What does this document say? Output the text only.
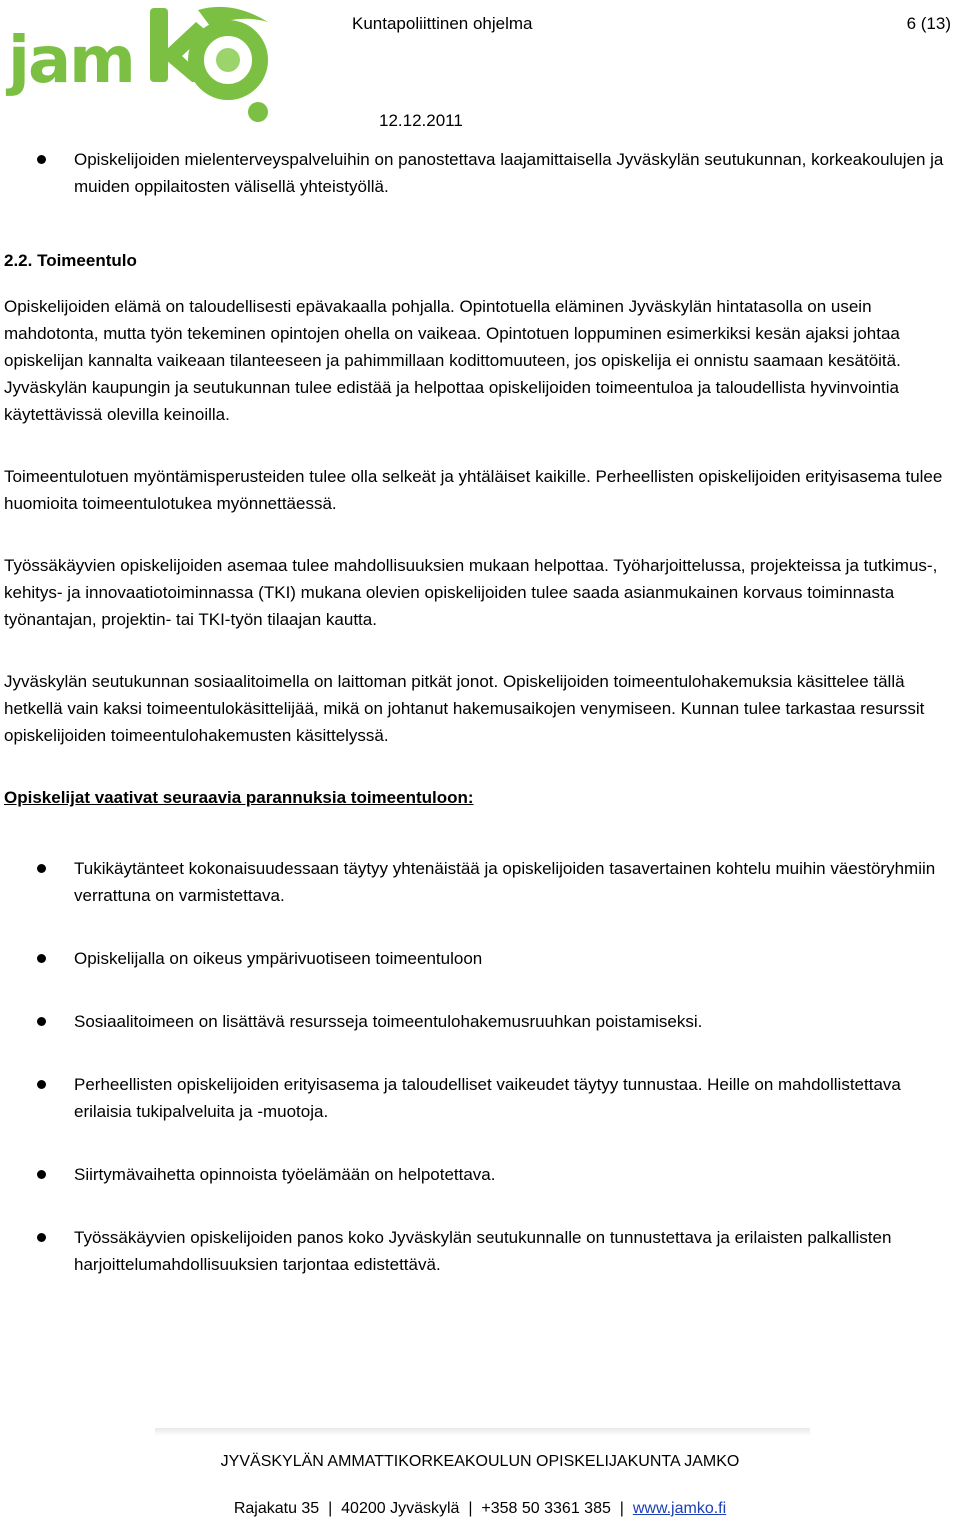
jam
Kuntapoliittinen ohjelma	6 (13)
12.12.2011
Opiskelijoiden mielenterveyspalveluihin on panostettava laajamittaisella Jyväskylän seutukunnan, korkeakoulujen ja muiden oppilaitosten välisellä yhteistyöllä.

2.2. Toimeentulo

Opiskelijoiden elämä on taloudellisesti epävakaalla pohjalla. Opintotuella eläminen Jyväskylän hintatasolla on usein mahdotonta, mutta työn tekeminen opintojen ohella on vaikeaa. Opintotuen loppuminen esimerkiksi kesän ajaksi johtaa opiskelijan kannalta vaikeaan tilanteeseen ja pahimmillaan kodittomuuteen, jos opiskelija ei onnistu saamaan kesätöitä. Jyväskylän kaupungin ja seutukunnan tulee edistää ja helpottaa opiskelijoiden toimeentuloa ja taloudellista hyvinvointia käytettävissä olevilla keinoilla.

Toimeentulotuen myöntämisperusteiden tulee olla selkeät ja yhtäläiset kaikille. Perheellisten opiskelijoiden erityisasema tulee huomioita toimeentulotukea myönnettäessä.

Työssäkäyvien opiskelijoiden asemaa tulee mahdollisuuksien mukaan helpottaa. Työharjoittelussa, projekteissa ja tutkimus-, kehitys- ja innovaatiotoiminnassa (TKI) mukana olevien opiskelijoiden tulee saada asianmukainen korvaus toiminnasta työnantajan, projektin- tai TKI-työn tilaajan kautta.

Jyväskylän seutukunnan sosiaalitoimella on laittoman pitkät jonot. Opiskelijoiden toimeentulohakemuksia käsittelee tällä hetkellä vain kaksi toimeentulokäsittelijää, mikä on johtanut hakemusaikojen venymiseen. Kunnan tulee tarkastaa resurssit opiskelijoiden toimeentulohakemusten käsittelyssä.

Opiskelijat vaativat seuraavia parannuksia toimeentuloon:

Tukikäytänteet kokonaisuudessaan täytyy yhtenäistää ja opiskelijoiden tasavertainen kohtelu muihin väestöryhmiin verrattuna on varmistettava.
Opiskelijalla on oikeus ympärivuotiseen toimeentuloon
Sosiaalitoimeen on lisättävä resursseja toimeentulohakemusruuhkan poistamiseksi.
Perheellisten opiskelijoiden erityisasema ja taloudelliset vaikeudet täytyy tunnustaa. Heille on mahdollistettava erilaisia tukipalveluita ja -muotoja.
Siirtymävaihetta opinnoista työelämään on helpotettava.
Työssäkäyvien opiskelijoiden panos koko Jyväskylän seutukunnalle on tunnustettava ja erilaisten palkallisten harjoittelumahdollisuuksien tarjontaa edistettävä.
JYVÄSKYLÄN AMMATTIKORKEAKOULUN OPISKELIJAKUNTA JAMKO
Rajakatu 35  |  40200 Jyväskylä  |  +358 50 3361 385  |  www.jamko.fi
